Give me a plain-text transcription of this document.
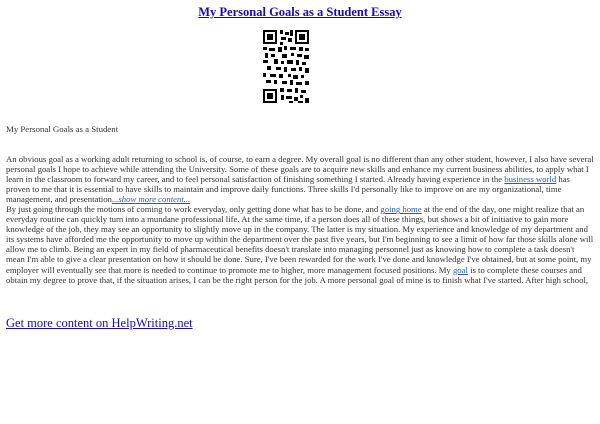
My Personal Goals as a Student Essay
My Personal Goals as a Student

An obvious goal as a working adult returning to school is, of course, to earn a degree. My overall goal is no different than any other student, however, I also have several personal goals I hope to achieve while attending the University. Some of these goals are to acquire new skills and enhance my current business abilities, to apply what I learn in the classroom to forward my career, and to feel personal satisfaction of finishing something I started. Already having experience in the business world has proven to me that it is essential to have skills to maintain and improve daily functions. Three skills I'd personally like to improve on are my organizational, time management, and presentation...show more content...

By just going through the motions of coming to work everyday, only getting done what has to be done, and going home at the end of the day, one might realize that an everyday routine can quickly turn into a mundane professional life. At the same time, if a person does all of these things, but shows a bit of initiative to gain more knowledge of the job, they may see an opportunity to slightly move up in the company. The latter is my situation. My experience and knowledge of my department and its systems have afforded me the opportunity to move up within the department over the past five years, but I'm beginning to see a limit of how far those skills alone will allow me to climb. Being an expert in my field of pharmaceutical benefits doesn't translate into managing personnel just as knowing how to complete a task doesn't mean I'm able to give a clear presentation on how it should be done. Sure, I've been rewarded for the work I've done and knowledge I've obtained, but at some point, my employer will eventually see that more is needed to continue to promote me to higher, more management focused positions. My goal is to complete these courses and obtain my degree to prove that, if the situation arises, I can be the right person for the job. A more personal goal of mine is to finish what I've started. After high school,

Get more content on HelpWriting.net
